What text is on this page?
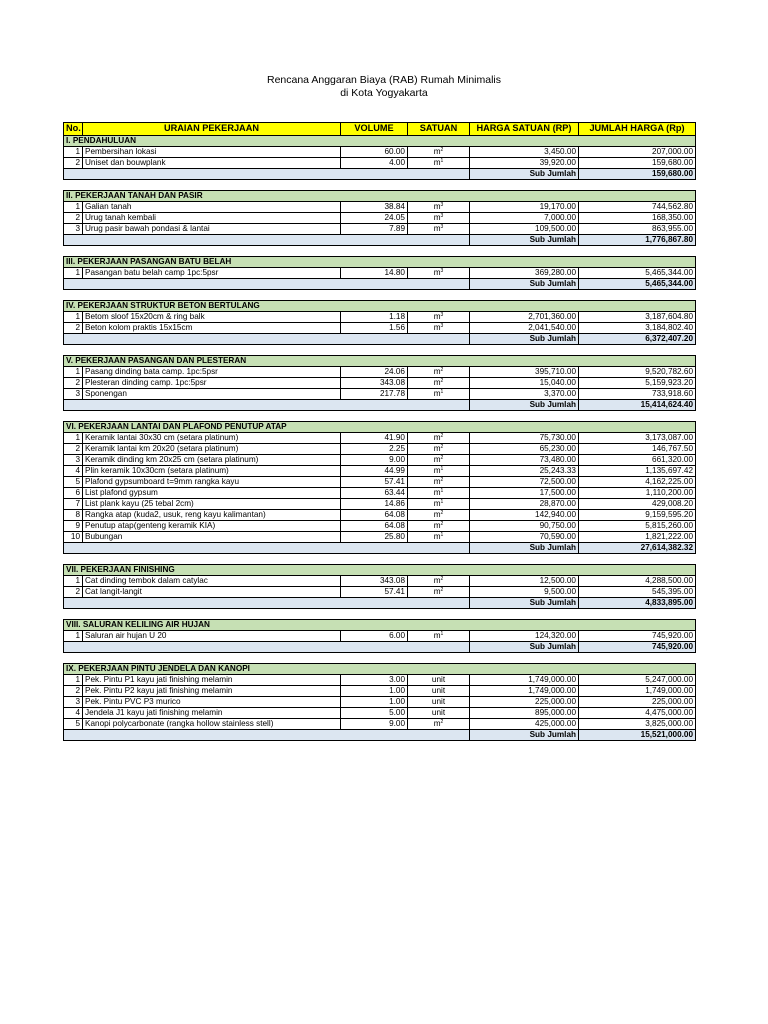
Rencana Anggaran Biaya (RAB) Rumah Minimalis
di Kota Yogyakarta
No.	URAIAN PEKERJAAN	VOLUME	SATUAN	HARGA SATUAN (RP)	JUMLAH HARGA (Rp)
I. PENDAHULUAN					
1	Pembersihan lokasi	60.00	$m^2$	3,450.00	207,000.00
2	Uniset dan bouwplank	4.00	$m^1$	39,920.00	159,680.00
				Sub Jumlah	159,680.00

II. PEKERJAAN TANAH DAN PASIR					
1	Galian tanah	38.84	$m^3$	19,170.00	744,562.80
2	Urug tanah kembali	24.05	$m^3$	7,000.00	168,350.00
3	Urug pasir bawah pondasi & lantai	7.89	$m^3$	109,500.00	863,955.00
				Sub Jumlah	1,776,867.80

III. PEKERJAAN PASANGAN BATU BELAH					
1	Pasangan batu belah camp 1pc:5psr	14.80	$m^3$	369,280.00	5,465,344.00
				Sub Jumlah	5,465,344.00

IV. PEKERJAAN STRUKTUR BETON BERTULANG					
1	Betom sloof 15x20cm & ring balk	1.18	$m^3$	2,701,360.00	3,187,604.80
2	Beton kolom praktis 15x15cm	1.56	$m^3$	2,041,540.00	3,184,802.40
				Sub Jumlah	6,372,407.20

V. PEKERJAAN PASANGAN DAN PLESTERAN					
1	Pasang dinding bata camp. 1pc:5psr	24.06	$m^2$	395,710.00	9,520,782.60
2	Plesteran dinding camp. 1pc:5psr	343.08	$m^2$	15,040.00	5,159,923.20
3	Sponengan	217.78	$m^1$	3,370.00	733,918.60
				Sub Jumlah	15,414,624.40

VI. PEKERJAAN LANTAI DAN PLAFOND PENUTUP ATAP					
1	Keramik lantai 30x30 cm (setara platinum)	41.90	$m^2$	75,730.00	3,173,087.00
2	Keramik lantai km 20x20 (setara platinum)	2.25	$m^2$	65,230.00	146,767.50
3	Keramik dinding km 20x25 cm (setara platinum)	9.00	$m^2$	73,480.00	661,320.00
4	Plin keramik 10x30cm (setara platinum)	44.99	$m^1$	25,243.33	1,135,697.42
5	Plafond gypsumboard t=9mm rangka kayu	57.41	$m^2$	72,500.00	4,162,225.00
6	List plafond gypsum	63.44	$m^1$	17,500.00	1,110,200.00
7	List plank kayu (25 tebal 2cm)	14.86	$m^1$	28,870.00	429,008.20
8	Rangka atap (kuda2, usuk, reng kayu kalimantan)	64.08	$m^2$	142,940.00	9,159,595.20
9	Penutup atap(genteng keramik KIA)	64.08	$m^2$	90,750.00	5,815,260.00
10	Bubungan	25.80	$m^1$	70,590.00	1,821,222.00
				Sub Jumlah	27,614,382.32

VII. PEKERJAAN FINISHING					
1	Cat dinding tembok dalam catylac	343.08	$m^2$	12,500.00	4,288,500.00
2	Cat langit-langit	57.41	$m^2$	9,500.00	545,395.00
				Sub Jumlah	4,833,895.00

VIII. SALURAN KELILING AIR HUJAN					
1	Saluran air hujan U 20	6.00	$m^1$	124,320.00	745,920.00
				Sub Jumlah	745,920.00

IX. PEKERJAAN PINTU JENDELA DAN KANOPI					
1	Pek. Pintu P1 kayu jati finishing melamin	3.00	unit	1,749,000.00	5,247,000.00
2	Pek. Pintu P2 kayu jati finishing melamin	1.00	unit	1,749,000.00	1,749,000.00
3	Pek. Pintu PVC P3 murico	1.00	unit	225,000.00	225,000.00
4	Jendela J1 kayu jati finishing melamin	5.00	unit	895,000.00	4,475,000.00
5	Kanopi polycarbonate (rangka hollow stainless stell)	9.00	$m^2$	425,000.00	3,825,000.00
				Sub Jumlah	15,521,000.00
